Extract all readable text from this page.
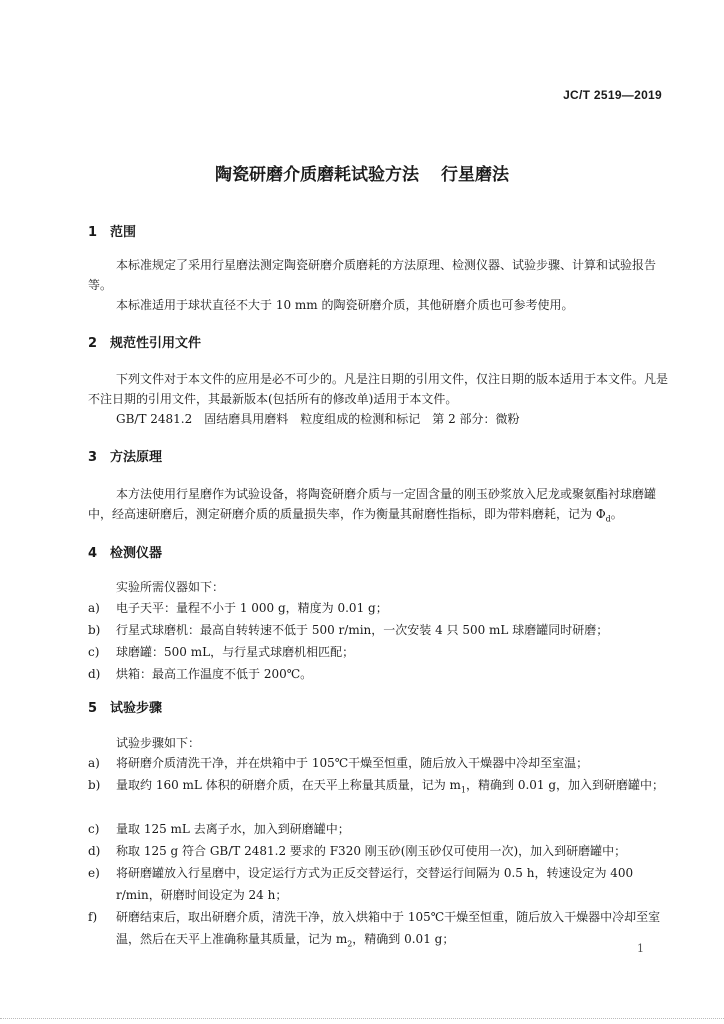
JC/T 2519—2019
陶瓷研磨介质磨耗试验方法 行星磨法
1 范围

本标准规定了采用行星磨法测定陶瓷研磨介质磨耗的方法原理、检测仪器、试验步骤、计算和试验报告等。

本标准适用于球状直径不大于 10 mm 的陶瓷研磨介质，其他研磨介质也可参考使用。

2 规范性引用文件

下列文件对于本文件的应用是必不可少的。凡是注日期的引用文件，仅注日期的版本适用于本文件。凡是不注日期的引用文件，其最新版本(包括所有的修改单)适用于本文件。

GB/T 2481.2　固结磨具用磨料　粒度组成的检测和标记　第 2 部分：微粉
3 方法原理

本方法使用行星磨作为试验设备，将陶瓷研磨介质与一定固含量的刚玉砂浆放入尼龙或聚氨酯衬球磨罐中，经高速研磨后，测定研磨介质的质量损失率，作为衡量其耐磨性指标，即为带料磨耗，记为 $\Phi_d$。

4 检测仪器
实验所需仪器如下：
a)	电子天平：量程不小于 1 000 g，精度为 0.01 g；
b)	行星式球磨机：最高自转转速不低于 500 r/min，一次安装 4 只 500 mL 球磨罐同时研磨；
c)	球磨罐：500 mL，与行星式球磨机相匹配；
d)	烘箱：最高工作温度不低于 200℃。
5 试验步骤
试验步骤如下：
a)	将研磨介质清洗干净，并在烘箱中于 105℃干燥至恒重，随后放入干燥器中冷却至室温；
b)	量取约 160 mL 体积的研磨介质，在天平上称量其质量，记为 $m_1$，精确到 0.01 g，加入到研磨罐中；
c)	量取 125 mL 去离子水，加入到研磨罐中；
d)	称取 125 g 符合 GB/T 2481.2 要求的 F320 刚玉砂(刚玉砂仅可使用一次)，加入到研磨罐中；
e)	将研磨罐放入行星磨中，设定运行方式为正反交替运行，交替运行间隔为 0.5 h，转速设定为 400 r/min，研磨时间设定为 24 h；
f)	研磨结束后，取出研磨介质，清洗干净，放入烘箱中于 105℃干燥至恒重，随后放入干燥器中冷却至室温，然后在天平上准确称量其质量，记为 $m_2$，精确到 0.01 g；
1
